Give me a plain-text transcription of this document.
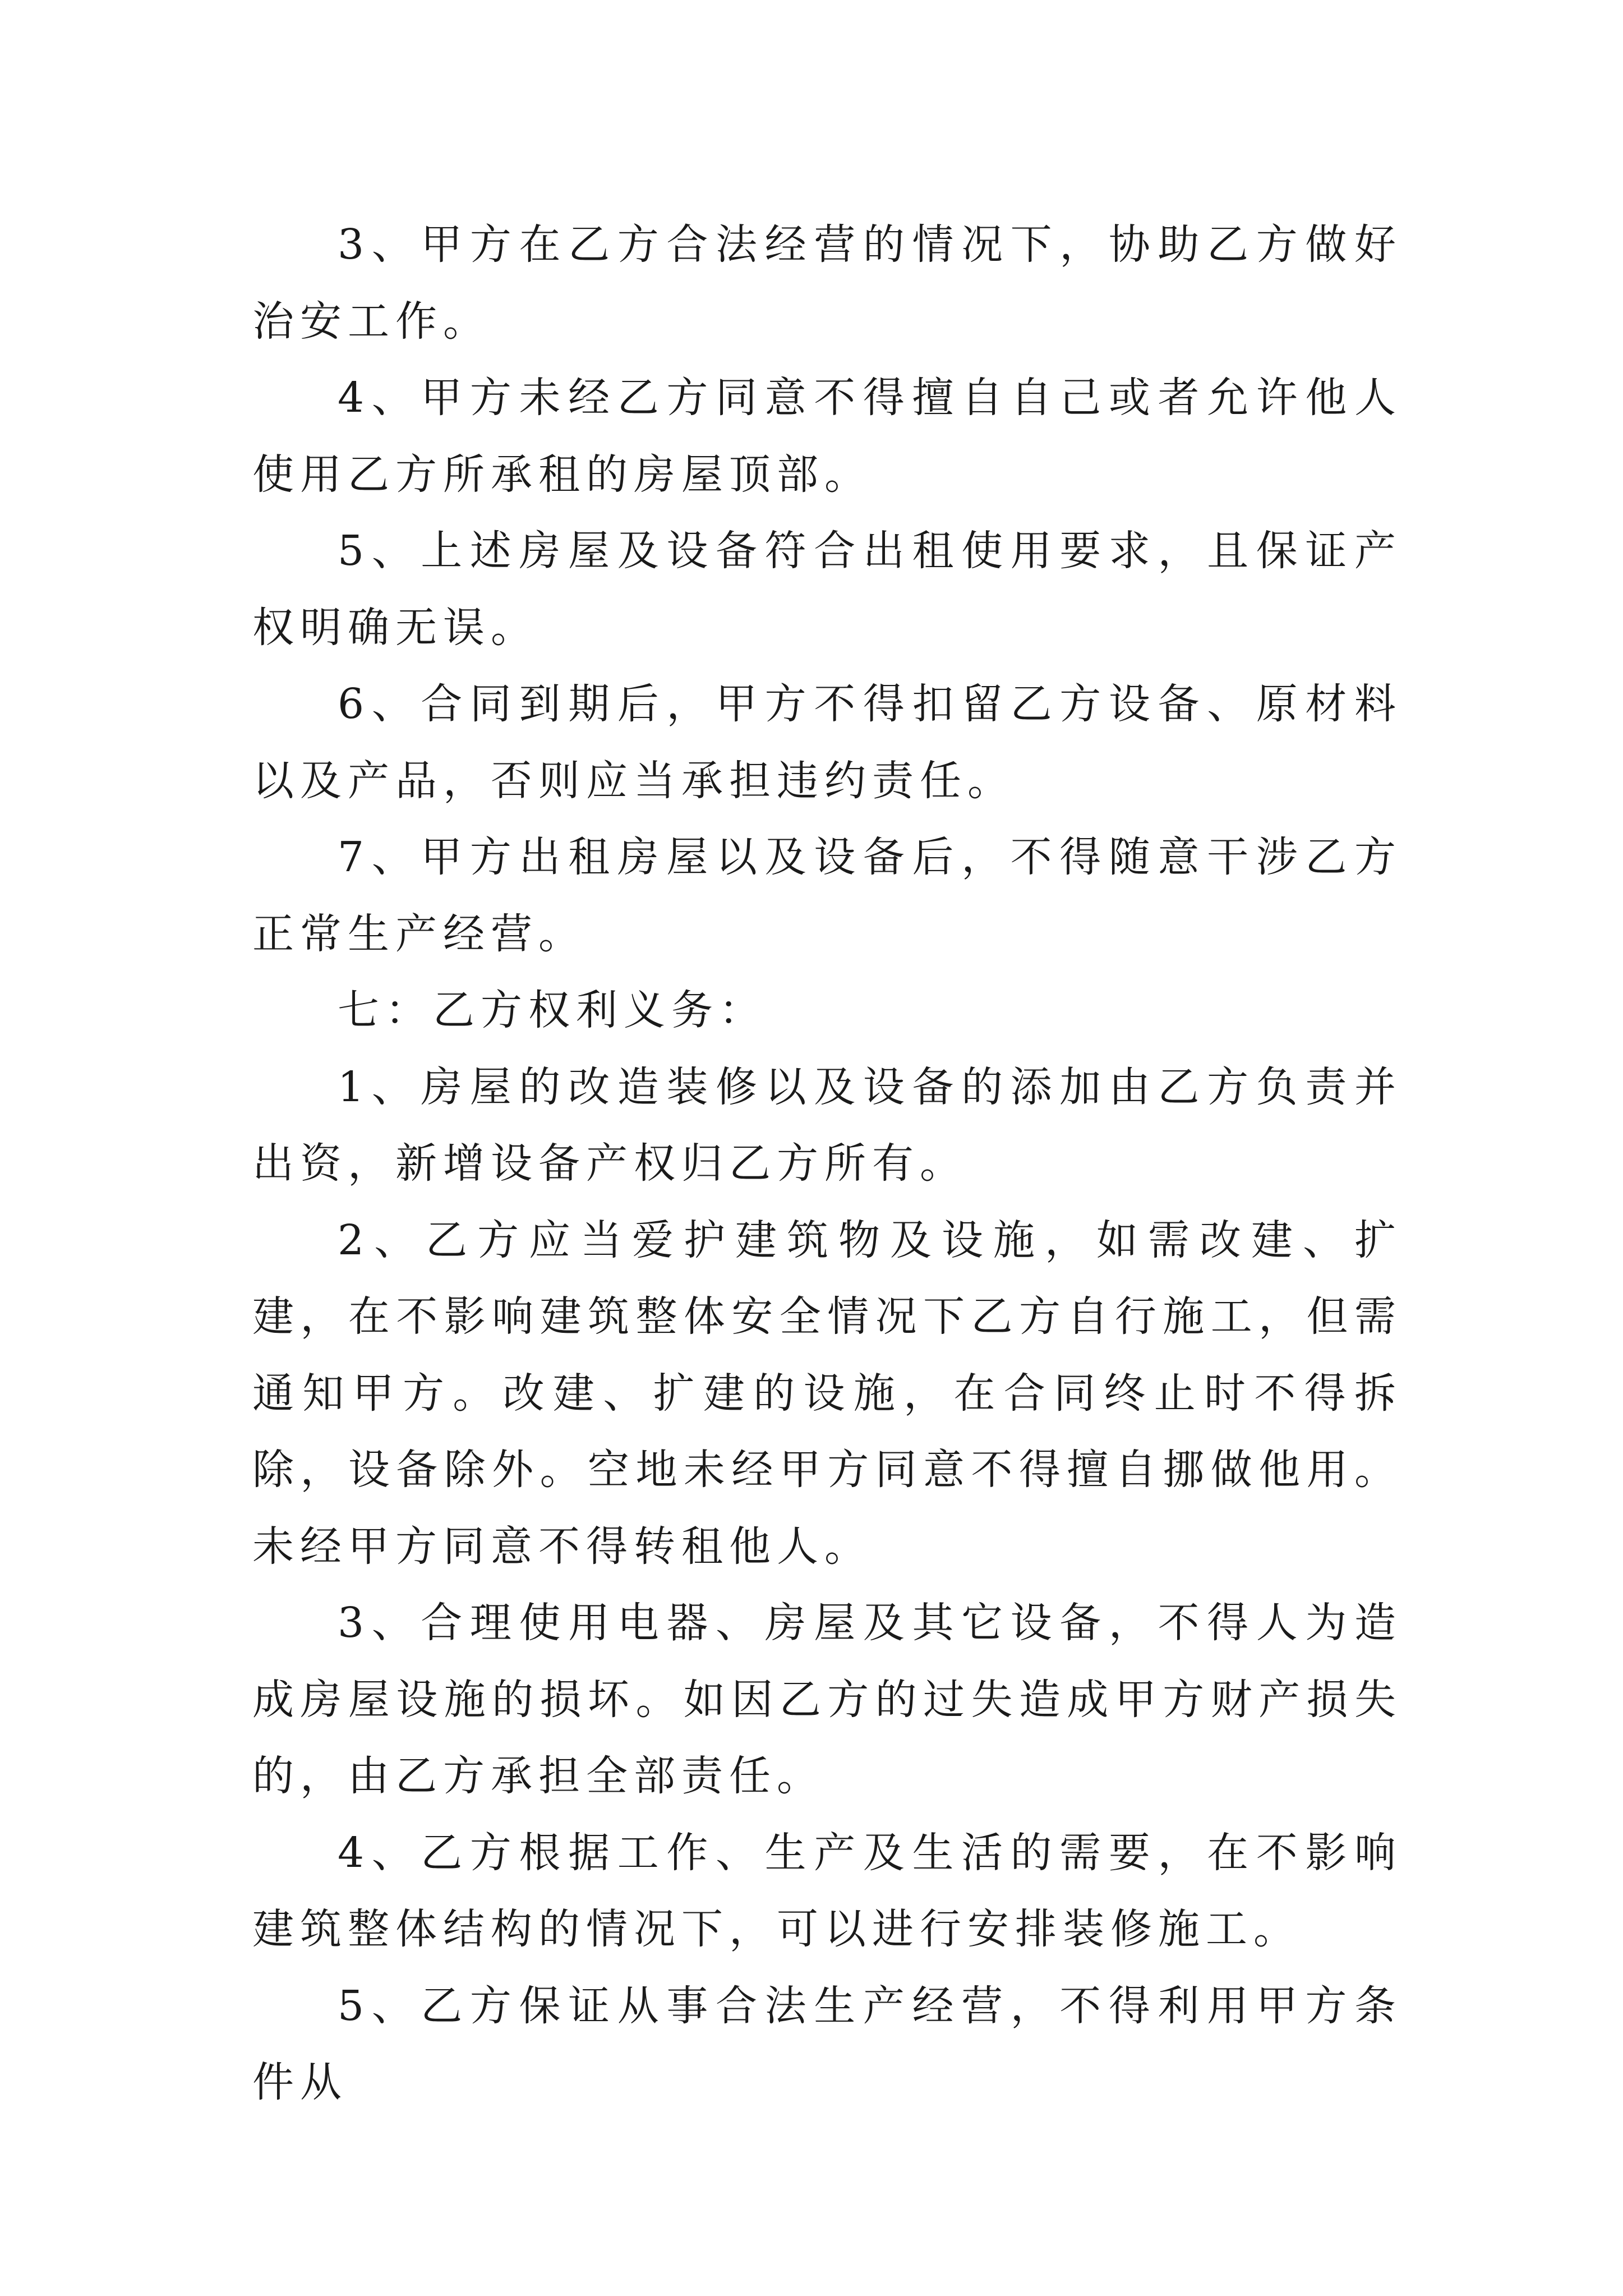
3、甲方在乙方合法经营的情况下，协助乙方做好治安工作。

4、甲方未经乙方同意不得擅自自己或者允许他人使用乙方所承租的房屋顶部。

5、上述房屋及设备符合出租使用要求，且保证产权明确无误。

6、合同到期后，甲方不得扣留乙方设备、原材料以及产品，否则应当承担违约责任。

7、甲方出租房屋以及设备后，不得随意干涉乙方正常生产经营。

七：乙方权利义务：

1、房屋的改造装修以及设备的添加由乙方负责并出资，新增设备产权归乙方所有。

2、乙方应当爱护建筑物及设施，如需改建、扩建，在不影响建筑整体安全情况下乙方自行施工，但需通知甲方。改建、扩建的设施，在合同终止时不得拆除，设备除外。空地未经甲方同意不得擅自挪做他用。未经甲方同意不得转租他人。

3、合理使用电器、房屋及其它设备，不得人为造成房屋设施的损坏。如因乙方的过失造成甲方财产损失的，由乙方承担全部责任。

4、乙方根据工作、生产及生活的需要，在不影响建筑整体结构的情况下，可以进行安排装修施工。

5、乙方保证从事合法生产经营，不得利用甲方条件从
